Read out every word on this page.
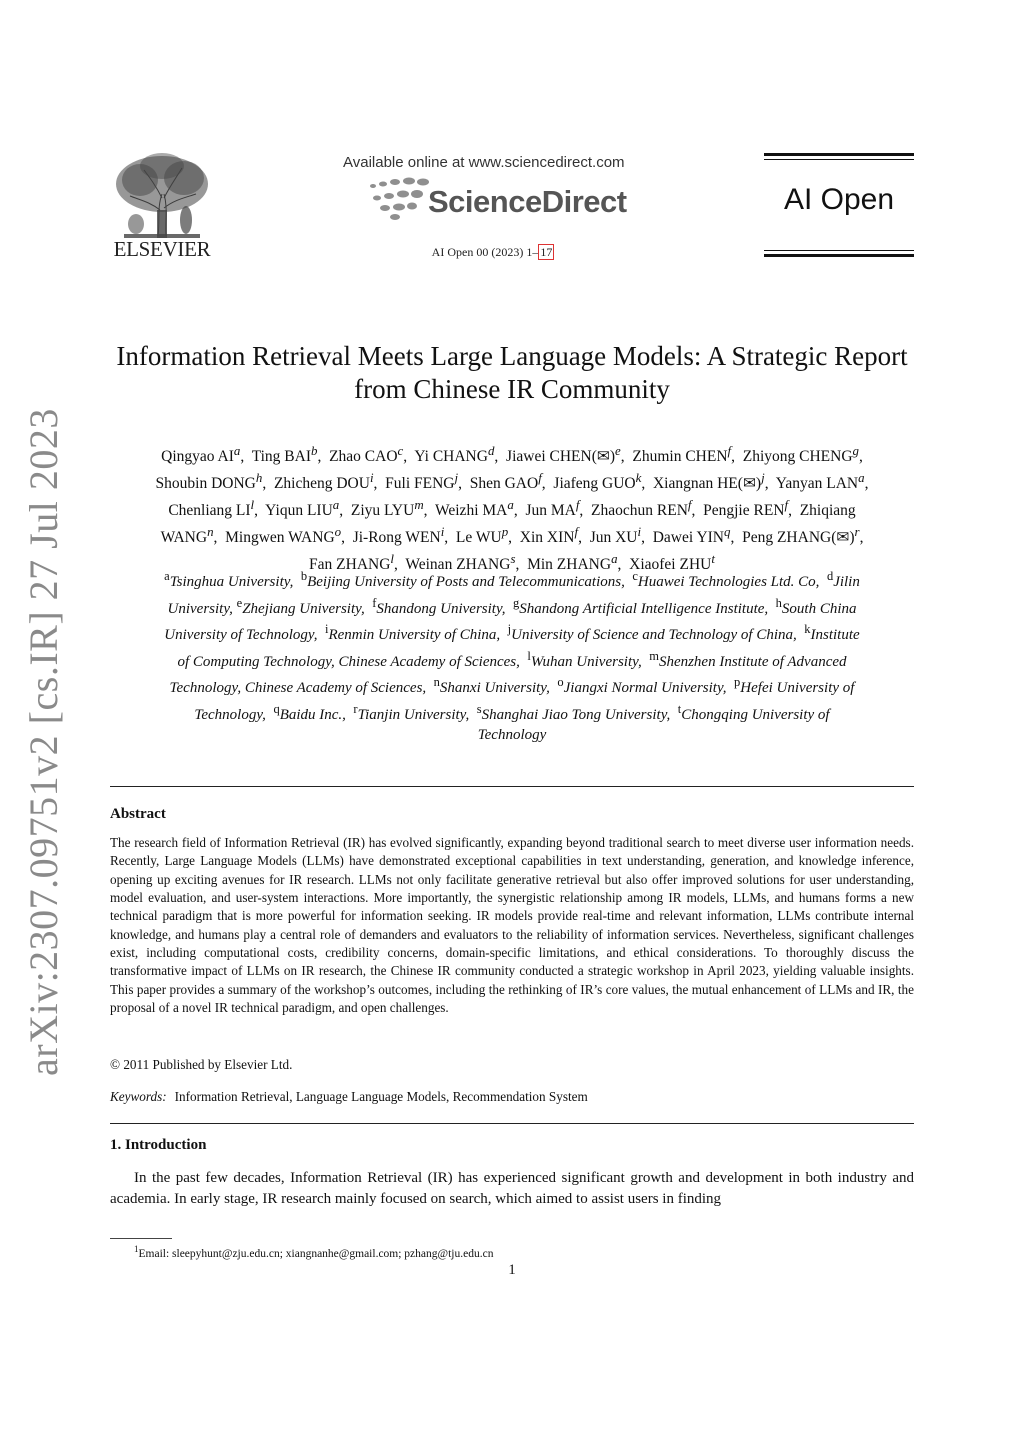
arXiv:2307.09751v2 [cs.IR] 27 Jul 2023
ELSEVIER
Available online at www.sciencedirect.com
ScienceDirect
AI Open 00 (2023) 1– 17
AI Open
Information Retrieval Meets Large Language Models: A Strategic Report from Chinese IR Community
Qingyao $AI^a$,  Ting BAI$^b$,  Zhao CAO$^c$,  Yi CHANG$^d$,  Jiawei CHEN(✉)$^e$,  Zhumin CHEN$^f$,  Zhiyong CHENG$^g$,
Shoubin DONG$^h$,  Zhicheng DOU$^i$,  Fuli FENG$^j$,  Shen GAO$^f$,  Jiafeng GUO$^k$,  Xiangnan HE(✉)$^j$,  Yanyan LAN$^a$,
Chenliang $LI^l$,  Yiqun LIU$^a$,  Ziyu LYU$^m$,  Weizhi $MA^a$,  Jun $MA^f$,  Zhaochun REN$^f$,  Pengjie REN$^f$,  Zhiqiang
WANG$^n$,  Mingwen WANG$^o$,  Ji-Rong WEN$^i$,  Le $WU^p$,  Xin XIN$^f$,  Jun $XU^i$,  Dawei YIN$^q$,  Peng ZHANG(✉)$^r$,
Fan ZHANG$^l$,  Weinan ZHANG$^s$,  Min ZHANG$^a$,  Xiaofei ZHU$^t$
$^a$Tsinghua University,  $^b$Beijing University of Posts and Telecommunications,  $^c$Huawei Technologies Ltd. Co,  $^d$Jilin
University, $^e$Zhejiang University,  $^f$Shandong University,  $^g$Shandong Artificial Intelligence Institute,  $^h$South China
University of Technology,  $^i$Renmin University of China,  $^j$University of Science and Technology of China,  $^k$Institute
of Computing Technology, Chinese Academy of Sciences,  $^l$Wuhan University,  $^m$Shenzhen Institute of Advanced
Technology, Chinese Academy of Sciences,  $^n$Shanxi University,  $^o$Jiangxi Normal University,  $^p$Hefei University of
Technology,  $^q$Baidu Inc.,  $^r$Tianjin University,  $^s$Shanghai Jiao Tong University,  $^t$Chongqing University of
Technology
Abstract
The research field of Information Retrieval (IR) has evolved significantly, expanding beyond traditional search to meet diverse user information needs. Recently, Large Language Models (LLMs) have demonstrated exceptional capabilities in text understanding, generation, and knowledge inference, opening up exciting avenues for IR research. LLMs not only facilitate generative retrieval but also offer improved solutions for user understanding, model evaluation, and user-system interactions. More importantly, the synergistic relationship among IR models, LLMs, and humans forms a new technical paradigm that is more powerful for information seeking. IR models provide real-time and relevant information, LLMs contribute internal knowledge, and humans play a central role of demanders and evaluators to the reliability of information services. Nevertheless, significant challenges exist, including computational costs, credibility concerns, domain-specific limitations, and ethical considerations. To thoroughly discuss the transformative impact of LLMs on IR research, the Chinese IR community conducted a strategic workshop in April 2023, yielding valuable insights. This paper provides a summary of the workshop’s outcomes, including the rethinking of IR’s core values, the mutual enhancement of LLMs and IR, the proposal of a novel IR technical paradigm, and open challenges.
© 2011 Published by Elsevier Ltd.
Keywords: Information Retrieval, Language Language Models, Recommendation System
1. Introduction
In the past few decades, Information Retrieval (IR) has experienced significant growth and development in both industry and academia. In early stage, IR research mainly focused on search, which aimed to assist users in finding
$^1$Email: sleepyhunt@zju.edu.cn; xiangnanhe@gmail.com; pzhang@tju.edu.cn
1
